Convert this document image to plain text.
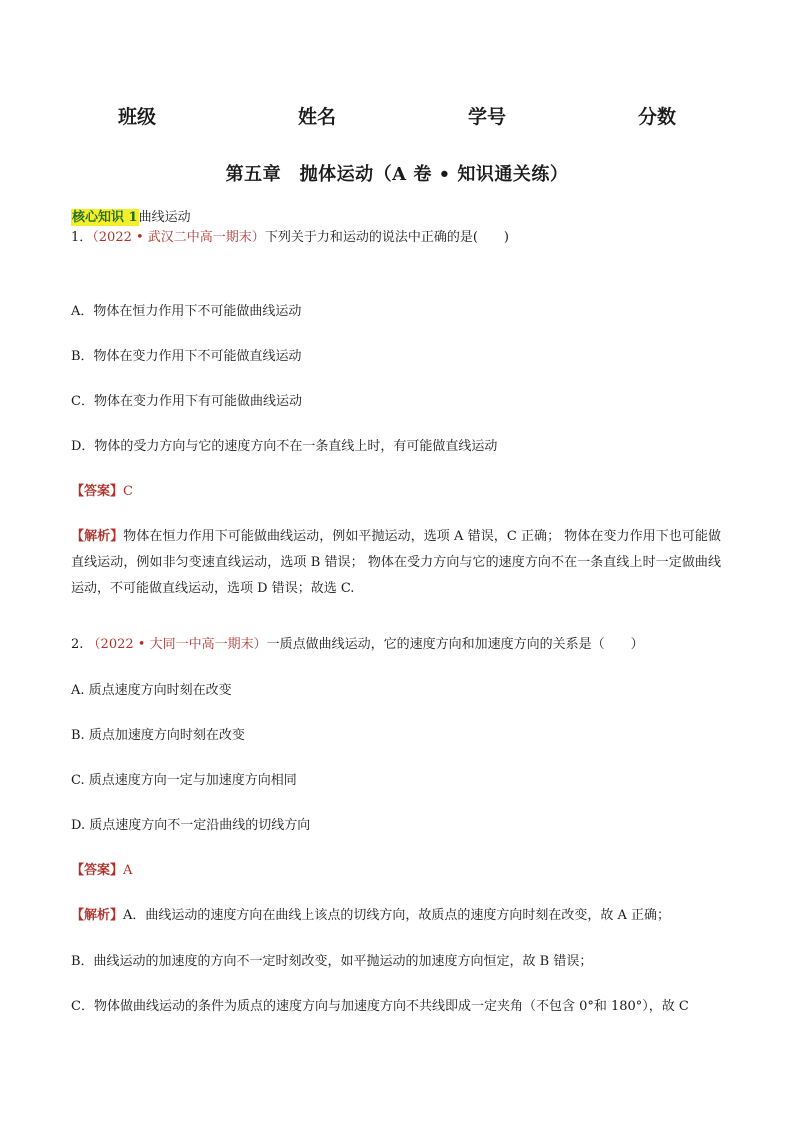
班级	姓名	学号	分数
第五章　抛体运动（A 卷 • 知识通关练）
核心知识 1曲线运动
1．（2022 • 武汉二中高一期末）下列关于力和运动的说法中正确的是(　　)
A．物体在恒力作用下不可能做曲线运动
B．物体在变力作用下不可能做直线运动
C．物体在变力作用下有可能做曲线运动
D．物体的受力方向与它的速度方向不在一条直线上时，有可能做直线运动
【答案】C
【解析】物体在恒力作用下可能做曲线运动，例如平抛运动，选项 A 错误，C 正确； 物体在变力作用下也可能做直线运动，例如非匀变速直线运动，选项 B 错误； 物体在受力方向与它的速度方向不在一条直线上时一定做曲线运动，不可能做直线运动，选项 D 错误；故选 C.
2. （2022 • 大同一中高一期末）一质点做曲线运动，它的速度方向和加速度方向的关系是（　　）
A. 质点速度方向时刻在改变
B. 质点加速度方向时刻在改变
C. 质点速度方向一定与加速度方向相同
D. 质点速度方向不一定沿曲线的切线方向
【答案】A
【解析】A．曲线运动的速度方向在曲线上该点的切线方向，故质点的速度方向时刻在改变，故 A 正确；
B．曲线运动的加速度的方向不一定时刻改变，如平抛运动的加速度方向恒定，故 B 错误；
C．物体做曲线运动的条件为质点的速度方向与加速度方向不共线即成一定夹角（不包含 0°和 180°），故 C
